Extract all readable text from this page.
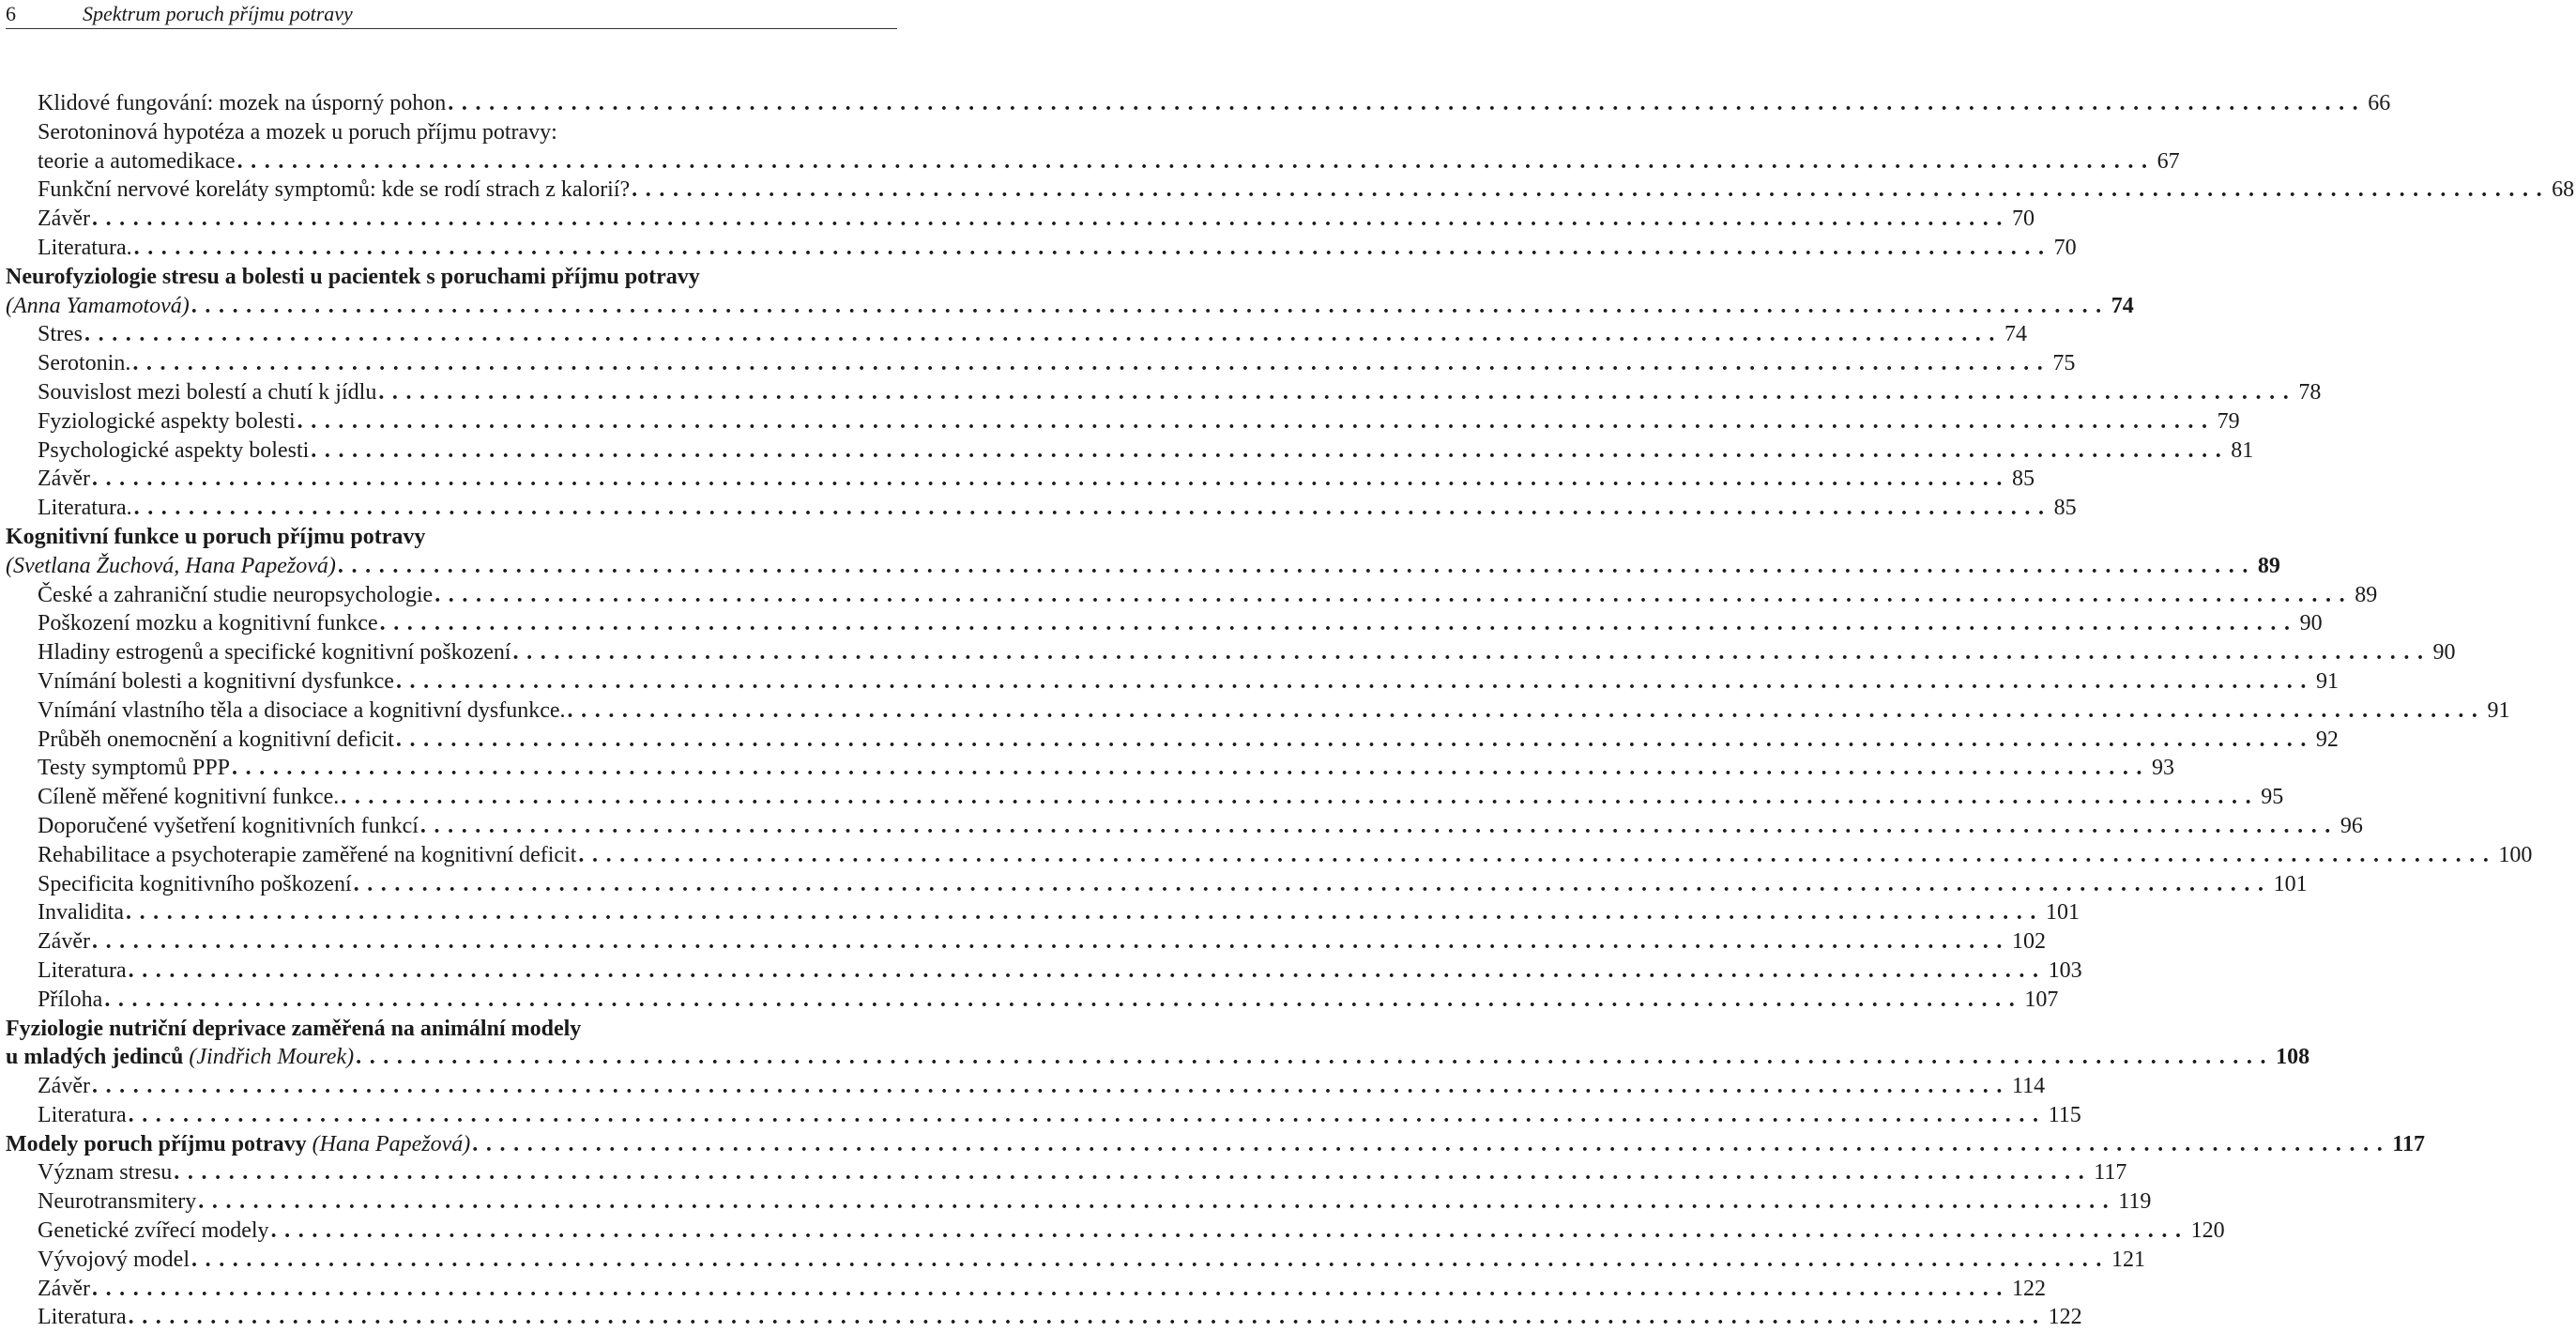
6	Spektrum poruch příjmu potravy
Klidové fungování: mozek na úsporný pohon ............................................................................................................................................ 66
Serotoninová hypotéza a mozek u poruch příjmu potravy:
teorie a automedikace ............................................................................................................................................ 67
Funkční nervové koreláty symptomů: kde se rodí strach z kalorií? ............................................................................................................................................ 68
Závěr ............................................................................................................................................ 70
Literatura. ............................................................................................................................................ 70
Neurofyziologie stresu a bolesti u pacientek s poruchami příjmu potravy
(Anna Yamamotová) ............................................................................................................................................ 74
Stres ............................................................................................................................................ 74
Serotonin. ............................................................................................................................................ 75
Souvislost mezi bolestí a chutí k jídlu ............................................................................................................................................ 78
Fyziologické aspekty bolesti ............................................................................................................................................ 79
Psychologické aspekty bolesti ............................................................................................................................................ 81
Závěr ............................................................................................................................................ 85
Literatura. ............................................................................................................................................ 85
Kognitivní funkce u poruch příjmu potravy
(Svetlana Žuchová, Hana Papežová) ............................................................................................................................................ 89
České a zahraniční studie neuropsychologie ............................................................................................................................................ 89
Poškození mozku a kognitivní funkce ............................................................................................................................................ 90
Hladiny estrogenů a specifické kognitivní poškození ............................................................................................................................................ 90
Vnímání bolesti a kognitivní dysfunkce ............................................................................................................................................ 91
Vnímání vlastního těla a disociace a kognitivní dysfunkce. ............................................................................................................................................ 91
Průběh onemocnění a kognitivní deficit ............................................................................................................................................ 92
Testy symptomů PPP ............................................................................................................................................ 93
Cíleně měřené kognitivní funkce. ............................................................................................................................................ 95
Doporučené vyšetření kognitivních funkcí ............................................................................................................................................ 96
Rehabilitace a psychoterapie zaměřené na kognitivní deficit ............................................................................................................................................ 100
Specificita kognitivního poškození ............................................................................................................................................ 101
Invalidita ............................................................................................................................................ 101
Závěr ............................................................................................................................................ 102
Literatura ............................................................................................................................................ 103
Příloha ............................................................................................................................................ 107
Fyziologie nutriční deprivace zaměřená na animální modely
u mladých jedinců (Jindřich Mourek) ............................................................................................................................................ 108
Závěr ............................................................................................................................................ 114
Literatura ............................................................................................................................................ 115
Modely poruch příjmu potravy (Hana Papežová) ............................................................................................................................................ 117
Význam stresu ............................................................................................................................................ 117
Neurotransmitery ............................................................................................................................................ 119
Genetické zvířecí modely ............................................................................................................................................ 120
Vývojový model ............................................................................................................................................ 121
Závěr ............................................................................................................................................ 122
Literatura ............................................................................................................................................ 122
